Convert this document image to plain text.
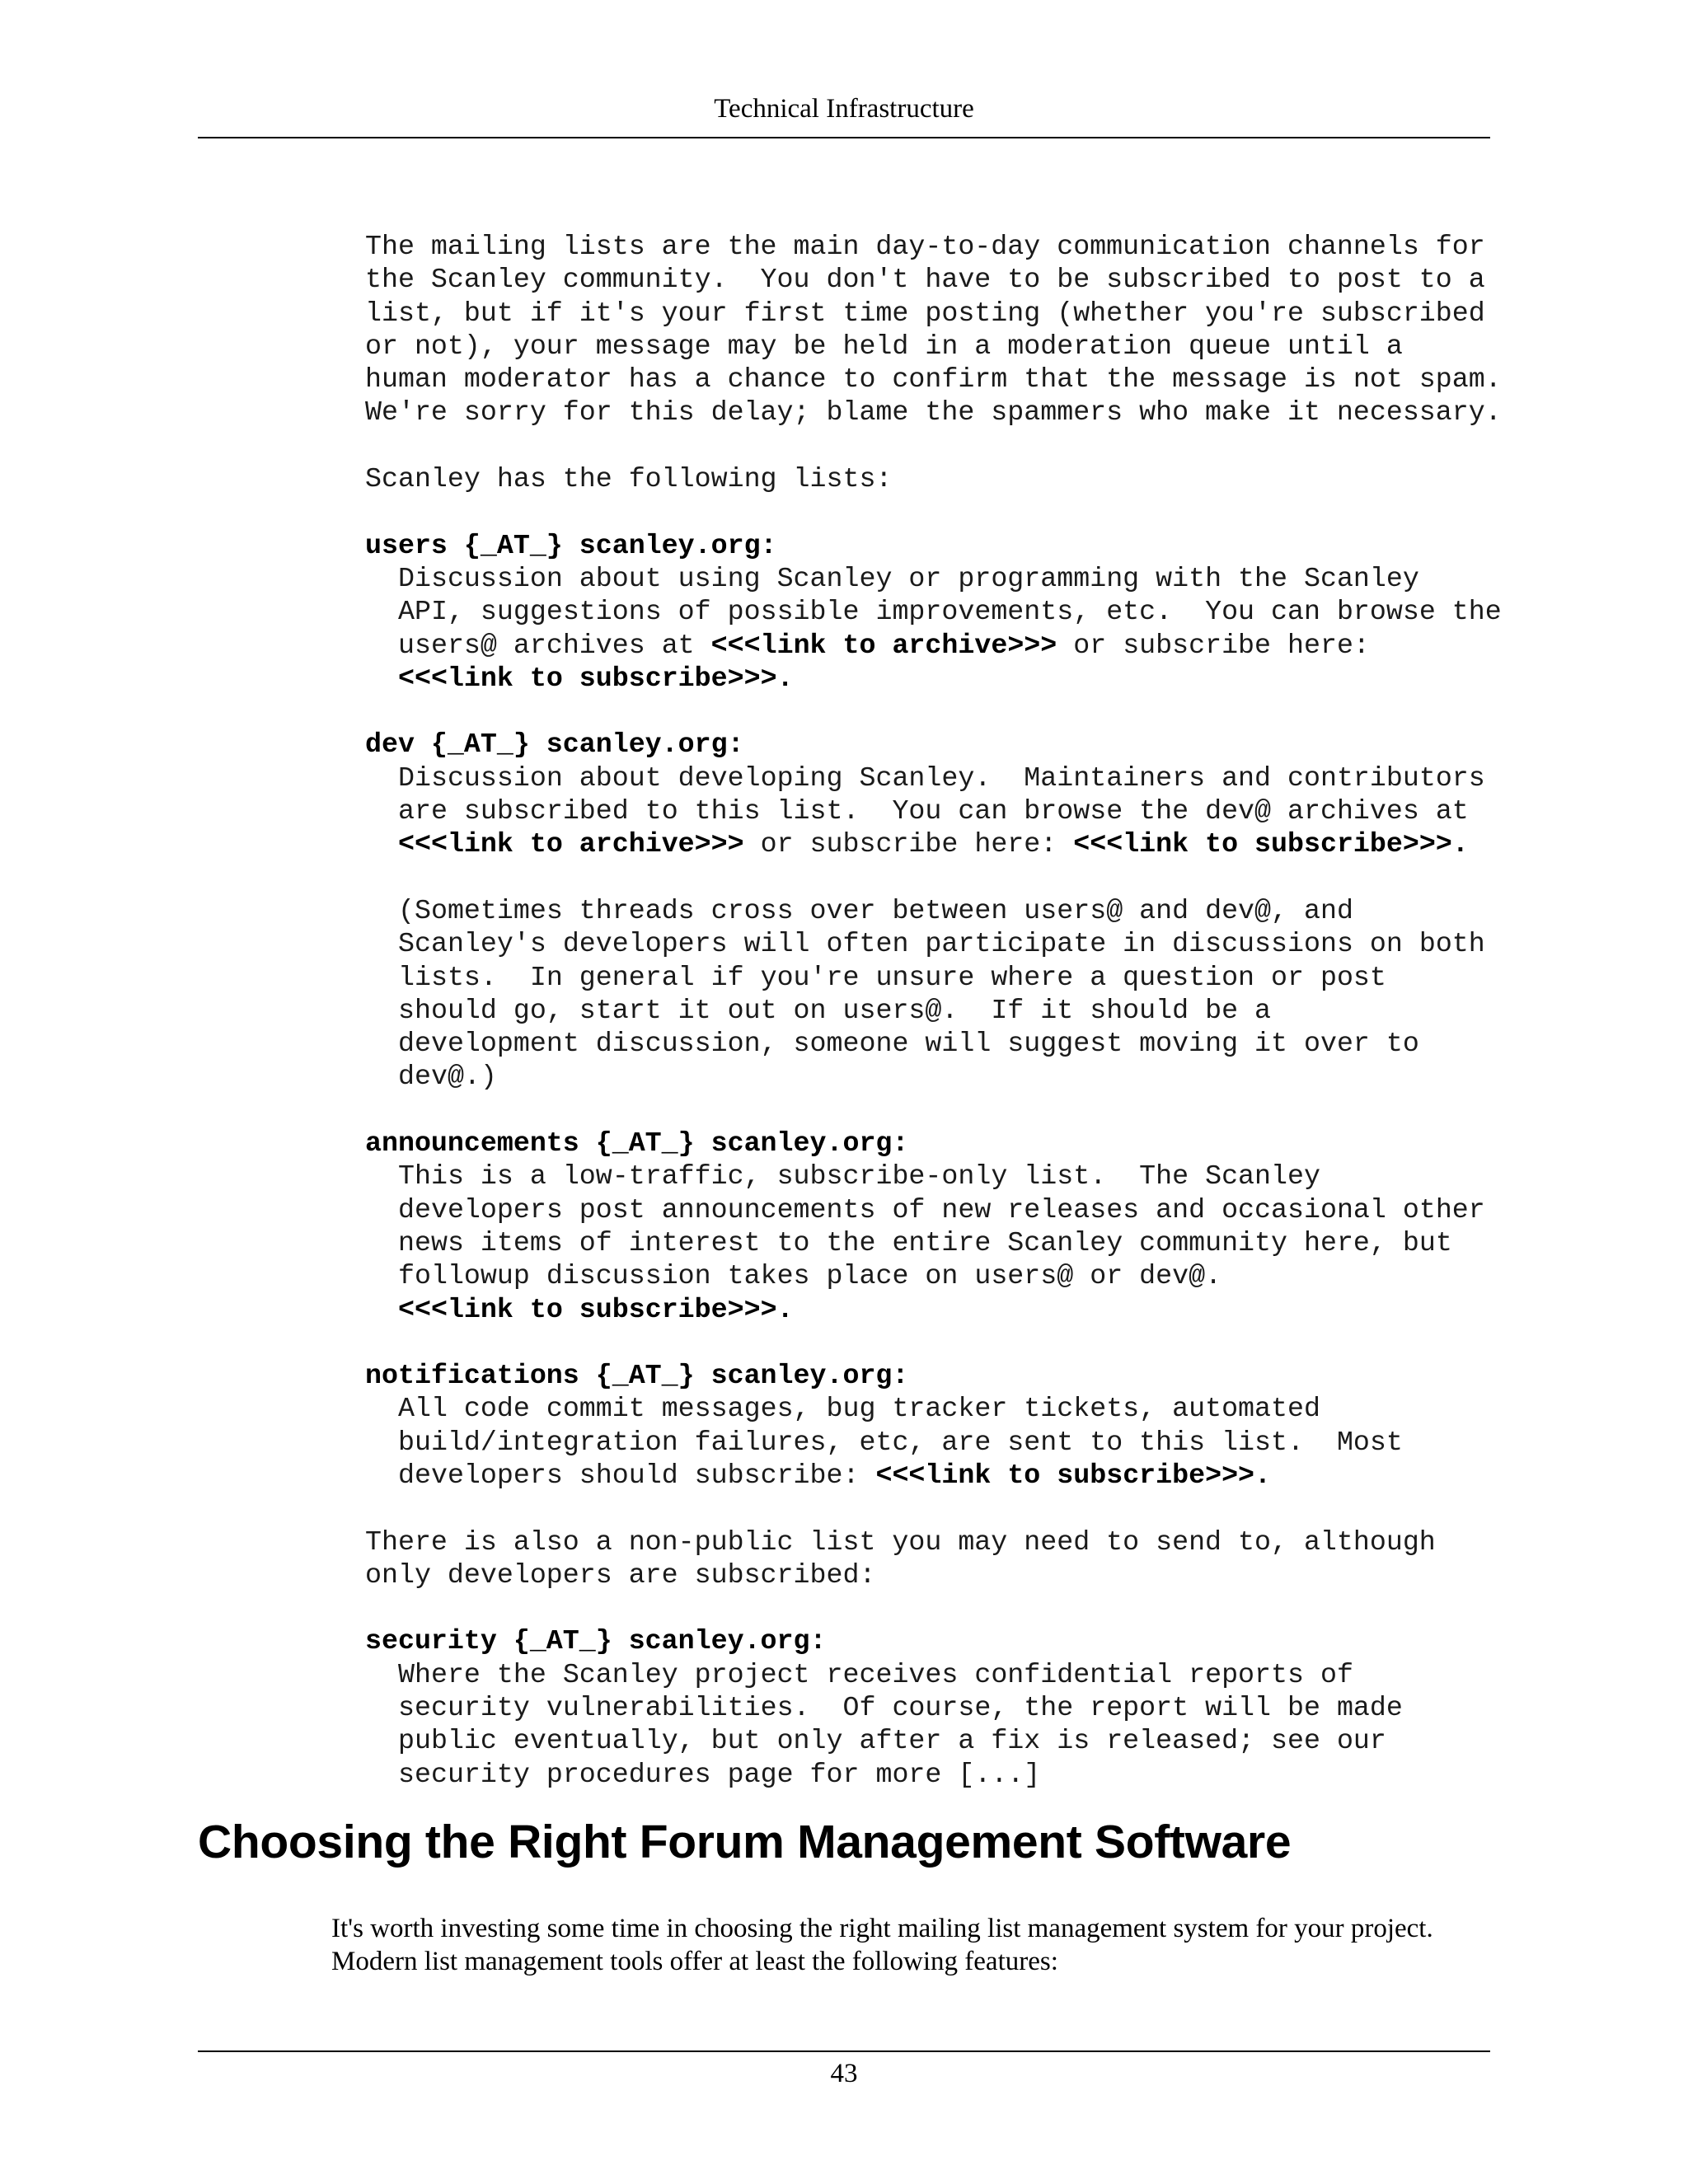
Technical Infrastructure
The mailing lists are the main day-to-day communication channels for
the Scanley community.  You don't have to be subscribed to post to a
list, but if it's your first time posting (whether you're subscribed
or not), your message may be held in a moderation queue until a
human moderator has a chance to confirm that the message is not spam.
We're sorry for this delay; blame the spammers who make it necessary.
Scanley has the following lists:
users {_AT_} scanley.org:
Discussion about using Scanley or programming with the Scanley
API, suggestions of possible improvements, etc.  You can browse the
users@ archives at <<<link to archive>>> or subscribe here:
<<<link to subscribe>>>.
dev {_AT_} scanley.org:
Discussion about developing Scanley.  Maintainers and contributors
are subscribed to this list.  You can browse the dev@ archives at
<<<link to archive>>> or subscribe here: <<<link to subscribe>>>.
(Sometimes threads cross over between users@ and dev@, and
Scanley's developers will often participate in discussions on both
lists.  In general if you're unsure where a question or post
should go, start it out on users@.  If it should be a
development discussion, someone will suggest moving it over to
dev@.)
announcements {_AT_} scanley.org:
This is a low-traffic, subscribe-only list.  The Scanley
developers post announcements of new releases and occasional other
news items of interest to the entire Scanley community here, but
followup discussion takes place on users@ or dev@.
<<<link to subscribe>>>.
notifications {_AT_} scanley.org:
All code commit messages, bug tracker tickets, automated
build/integration failures, etc, are sent to this list.  Most
developers should subscribe: <<<link to subscribe>>>.
There is also a non-public list you may need to send to, although
only developers are subscribed:
security {_AT_} scanley.org:
Where the Scanley project receives confidential reports of
security vulnerabilities.  Of course, the report will be made
public eventually, but only after a fix is released; see our
security procedures page for more [...]
Choosing the Right Forum Management Software

It's worth investing some time in choosing the right mailing list management system for your project.
Modern list management tools offer at least the following features:

43
